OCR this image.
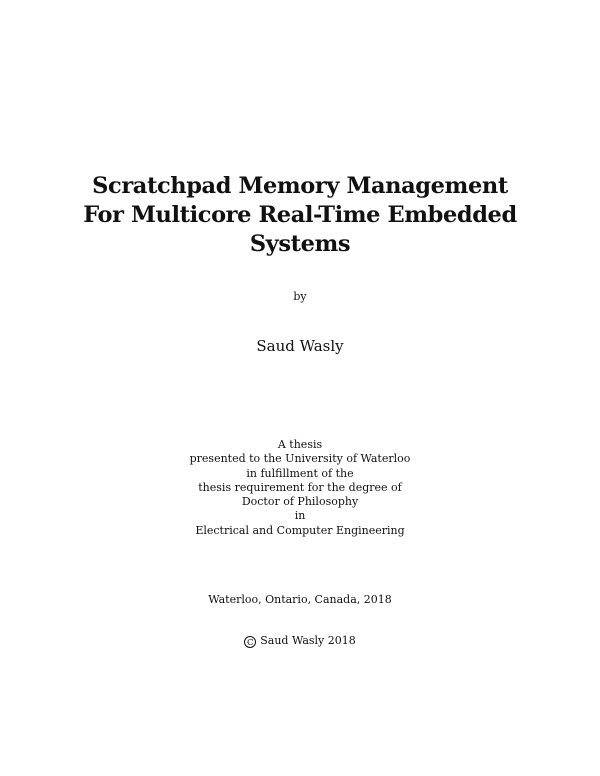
Scratchpad Memory Management
For Multicore Real-Time Embedded
Systems
by
Saud Wasly
A thesis
presented to the University of Waterloo
in fulfillment of the
thesis requirement for the degree of
Doctor of Philosophy
in
Electrical and Computer Engineering
Waterloo, Ontario, Canada, 2018
C Saud Wasly 2018
